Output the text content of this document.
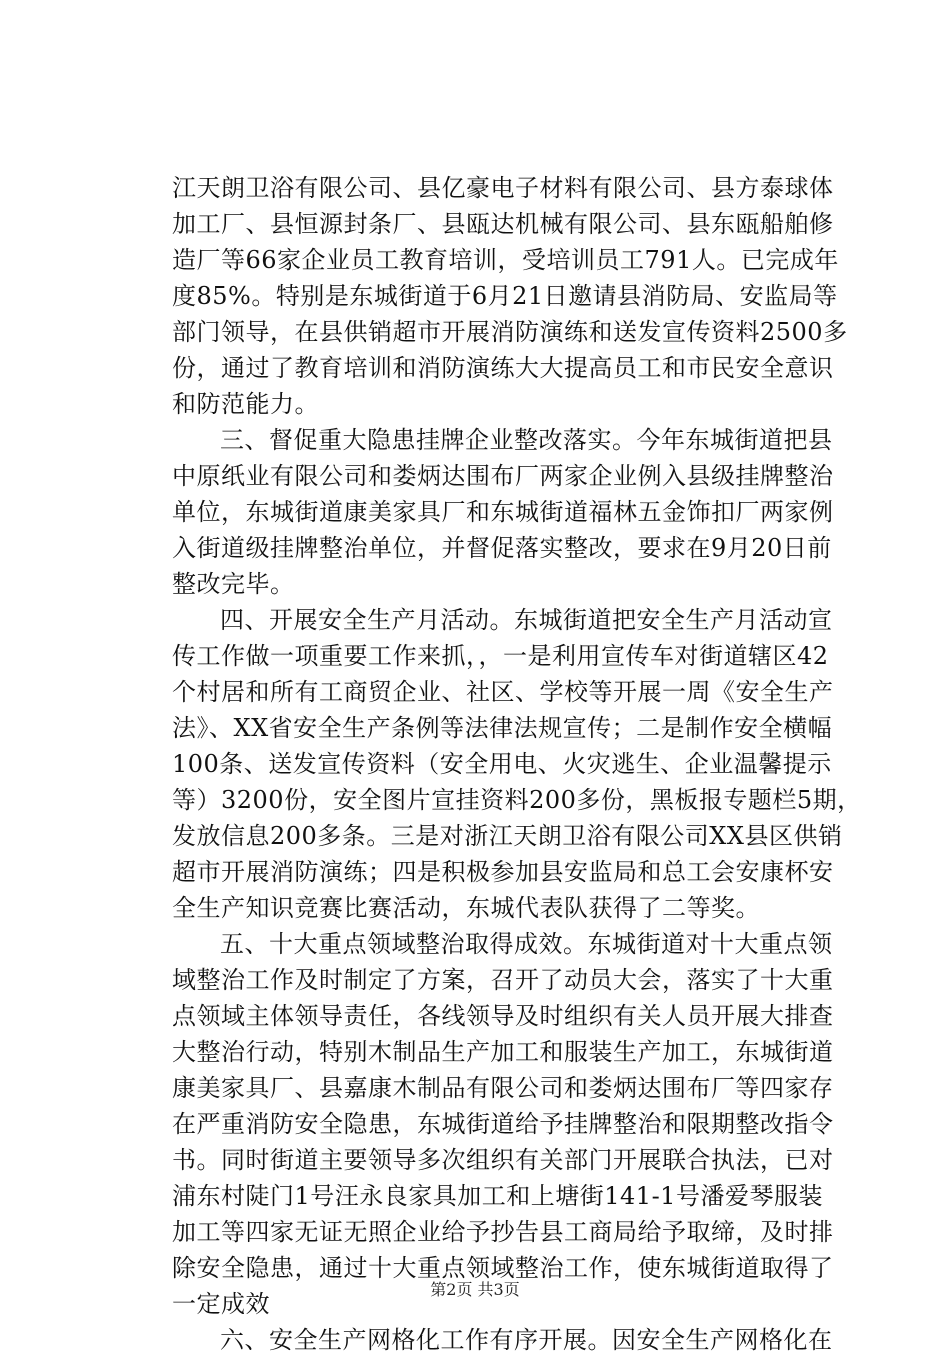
江天朗卫浴有限公司、县亿豪电子材料有限公司、县方泰球体
加工厂、县恒源封条厂、县瓯达机械有限公司、县东瓯船舶修
造厂等66家企业员工教育培训，受培训员工791人。已完成年
度85%。特别是东城街道于6月21日邀请县消防局、安监局等
部门领导，在县供销超市开展消防演练和送发宣传资料2500多
份，通过了教育培训和消防演练大大提高员工和市民安全意识
和防范能力。
三、督促重大隐患挂牌企业整改落实。今年东城街道把县
中原纸业有限公司和娄炳达围布厂两家企业例入县级挂牌整治
单位，东城街道康美家具厂和东城街道福林五金饰扣厂两家例
入街道级挂牌整治单位，并督促落实整改，要求在9月20日前
整改完毕。
四、开展安全生产月活动。东城街道把安全生产月活动宣
传工作做一项重要工作来抓，，一是利用宣传车对街道辖区42
个村居和所有工商贸企业、社区、学校等开展一周《安全生产
法》、XX省安全生产条例等法律法规宣传；二是制作安全横幅
100条、送发宣传资料（安全用电、火灾逃生、企业温馨提示
等）3200份，安全图片宣挂资料200多份，黑板报专题栏5期，
发放信息200多条。三是对浙江天朗卫浴有限公司XX县区供销
超市开展消防演练；四是积极参加县安监局和总工会安康杯安
全生产知识竞赛比赛活动，东城代表队获得了二等奖。
五、十大重点领域整治取得成效。东城街道对十大重点领
域整治工作及时制定了方案，召开了动员大会，落实了十大重
点领域主体领导责任，各线领导及时组织有关人员开展大排查
大整治行动，特别木制品生产加工和服装生产加工，东城街道
康美家具厂、县嘉康木制品有限公司和娄炳达围布厂等四家存
在严重消防安全隐患，东城街道给予挂牌整治和限期整改指令
书。同时街道主要领导多次组织有关部门开展联合执法，已对
浦东村陡门1号汪永良家具加工和上塘街141-1号潘爱琴服装
加工等四家无证无照企业给予抄告县工商局给予取缔，及时排
除安全隐患，通过十大重点领域整治工作，使东城街道取得了
一定成效
六、安全生产网格化工作有序开展。因安全生产网格化在
第2页 共3页
